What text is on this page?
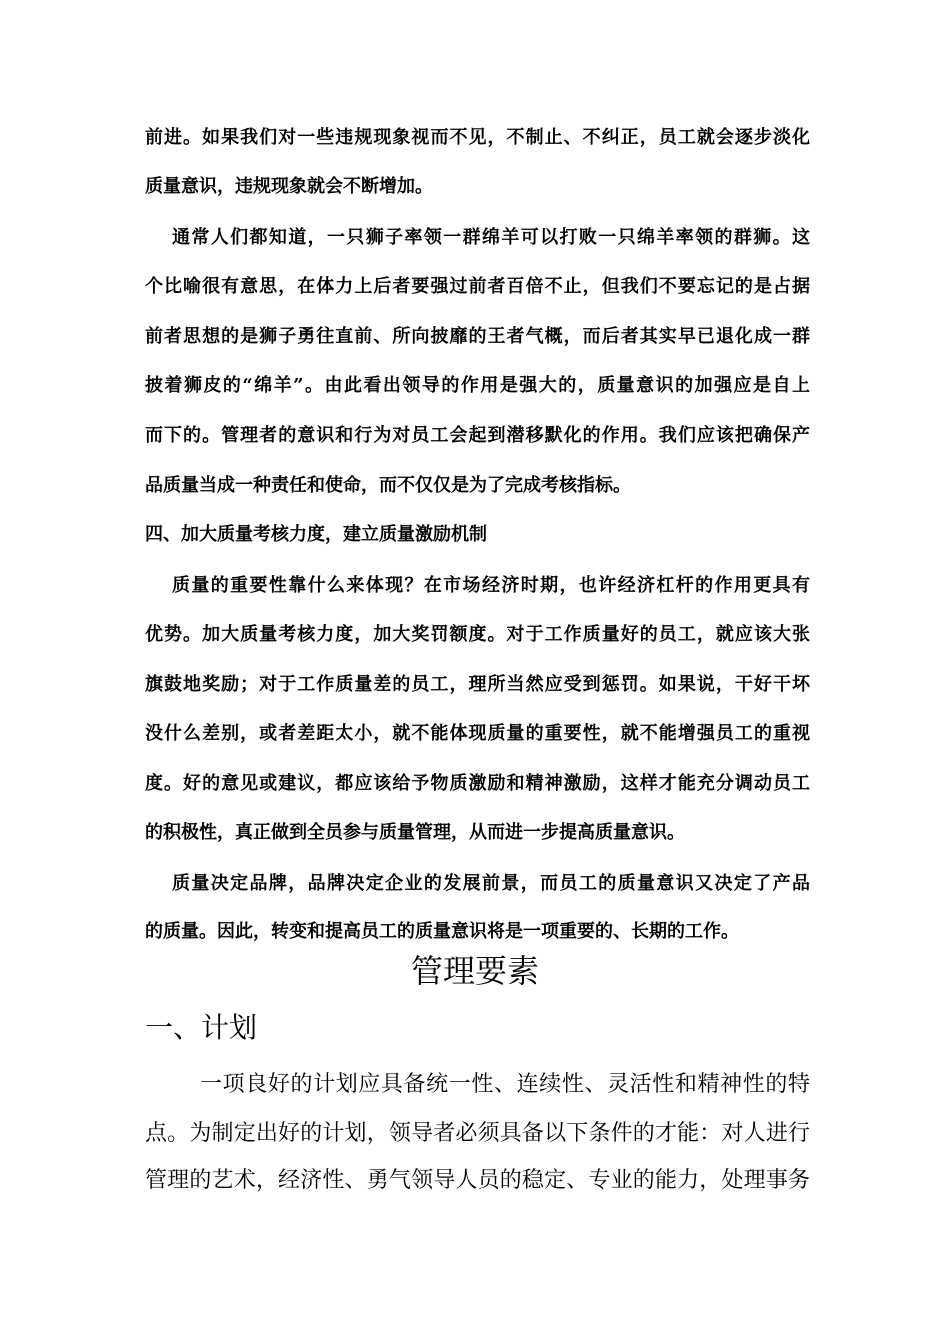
前进。如果我们对一些违规现象视而不见，不制止、不纠正，员工就会逐步淡化
质量意识，违规现象就会不断增加。
通常人们都知道，一只狮子率领一群绵羊可以打败一只绵羊率领的群狮。这
个比喻很有意思，在体力上后者要强过前者百倍不止，但我们不要忘记的是占据
前者思想的是狮子勇往直前、所向披靡的王者气概，而后者其实早已退化成一群
披着狮皮的“绵羊”。由此看出领导的作用是强大的，质量意识的加强应是自上
而下的。管理者的意识和行为对员工会起到潜移默化的作用。我们应该把确保产
品质量当成一种责任和使命，而不仅仅是为了完成考核指标。
四、加大质量考核力度，建立质量激励机制
质量的重要性靠什么来体现？在市场经济时期，也许经济杠杆的作用更具有
优势。加大质量考核力度，加大奖罚额度。对于工作质量好的员工，就应该大张
旗鼓地奖励；对于工作质量差的员工，理所当然应受到惩罚。如果说，干好干坏
没什么差别，或者差距太小，就不能体现质量的重要性，就不能增强员工的重视
度。好的意见或建议，都应该给予物质激励和精神激励，这样才能充分调动员工
的积极性，真正做到全员参与质量管理，从而进一步提高质量意识。
质量决定品牌，品牌决定企业的发展前景，而员工的质量意识又决定了产品
的质量。因此，转变和提高员工的质量意识将是一项重要的、长期的工作。
管理要素
一、计划
一项良好的计划应具备统一性、连续性、灵活性和精神性的特
点。为制定出好的计划，领导者必须具备以下条件的才能：对人进行
管理的艺术，经济性、勇气领导人员的稳定、专业的能力，处理事务
